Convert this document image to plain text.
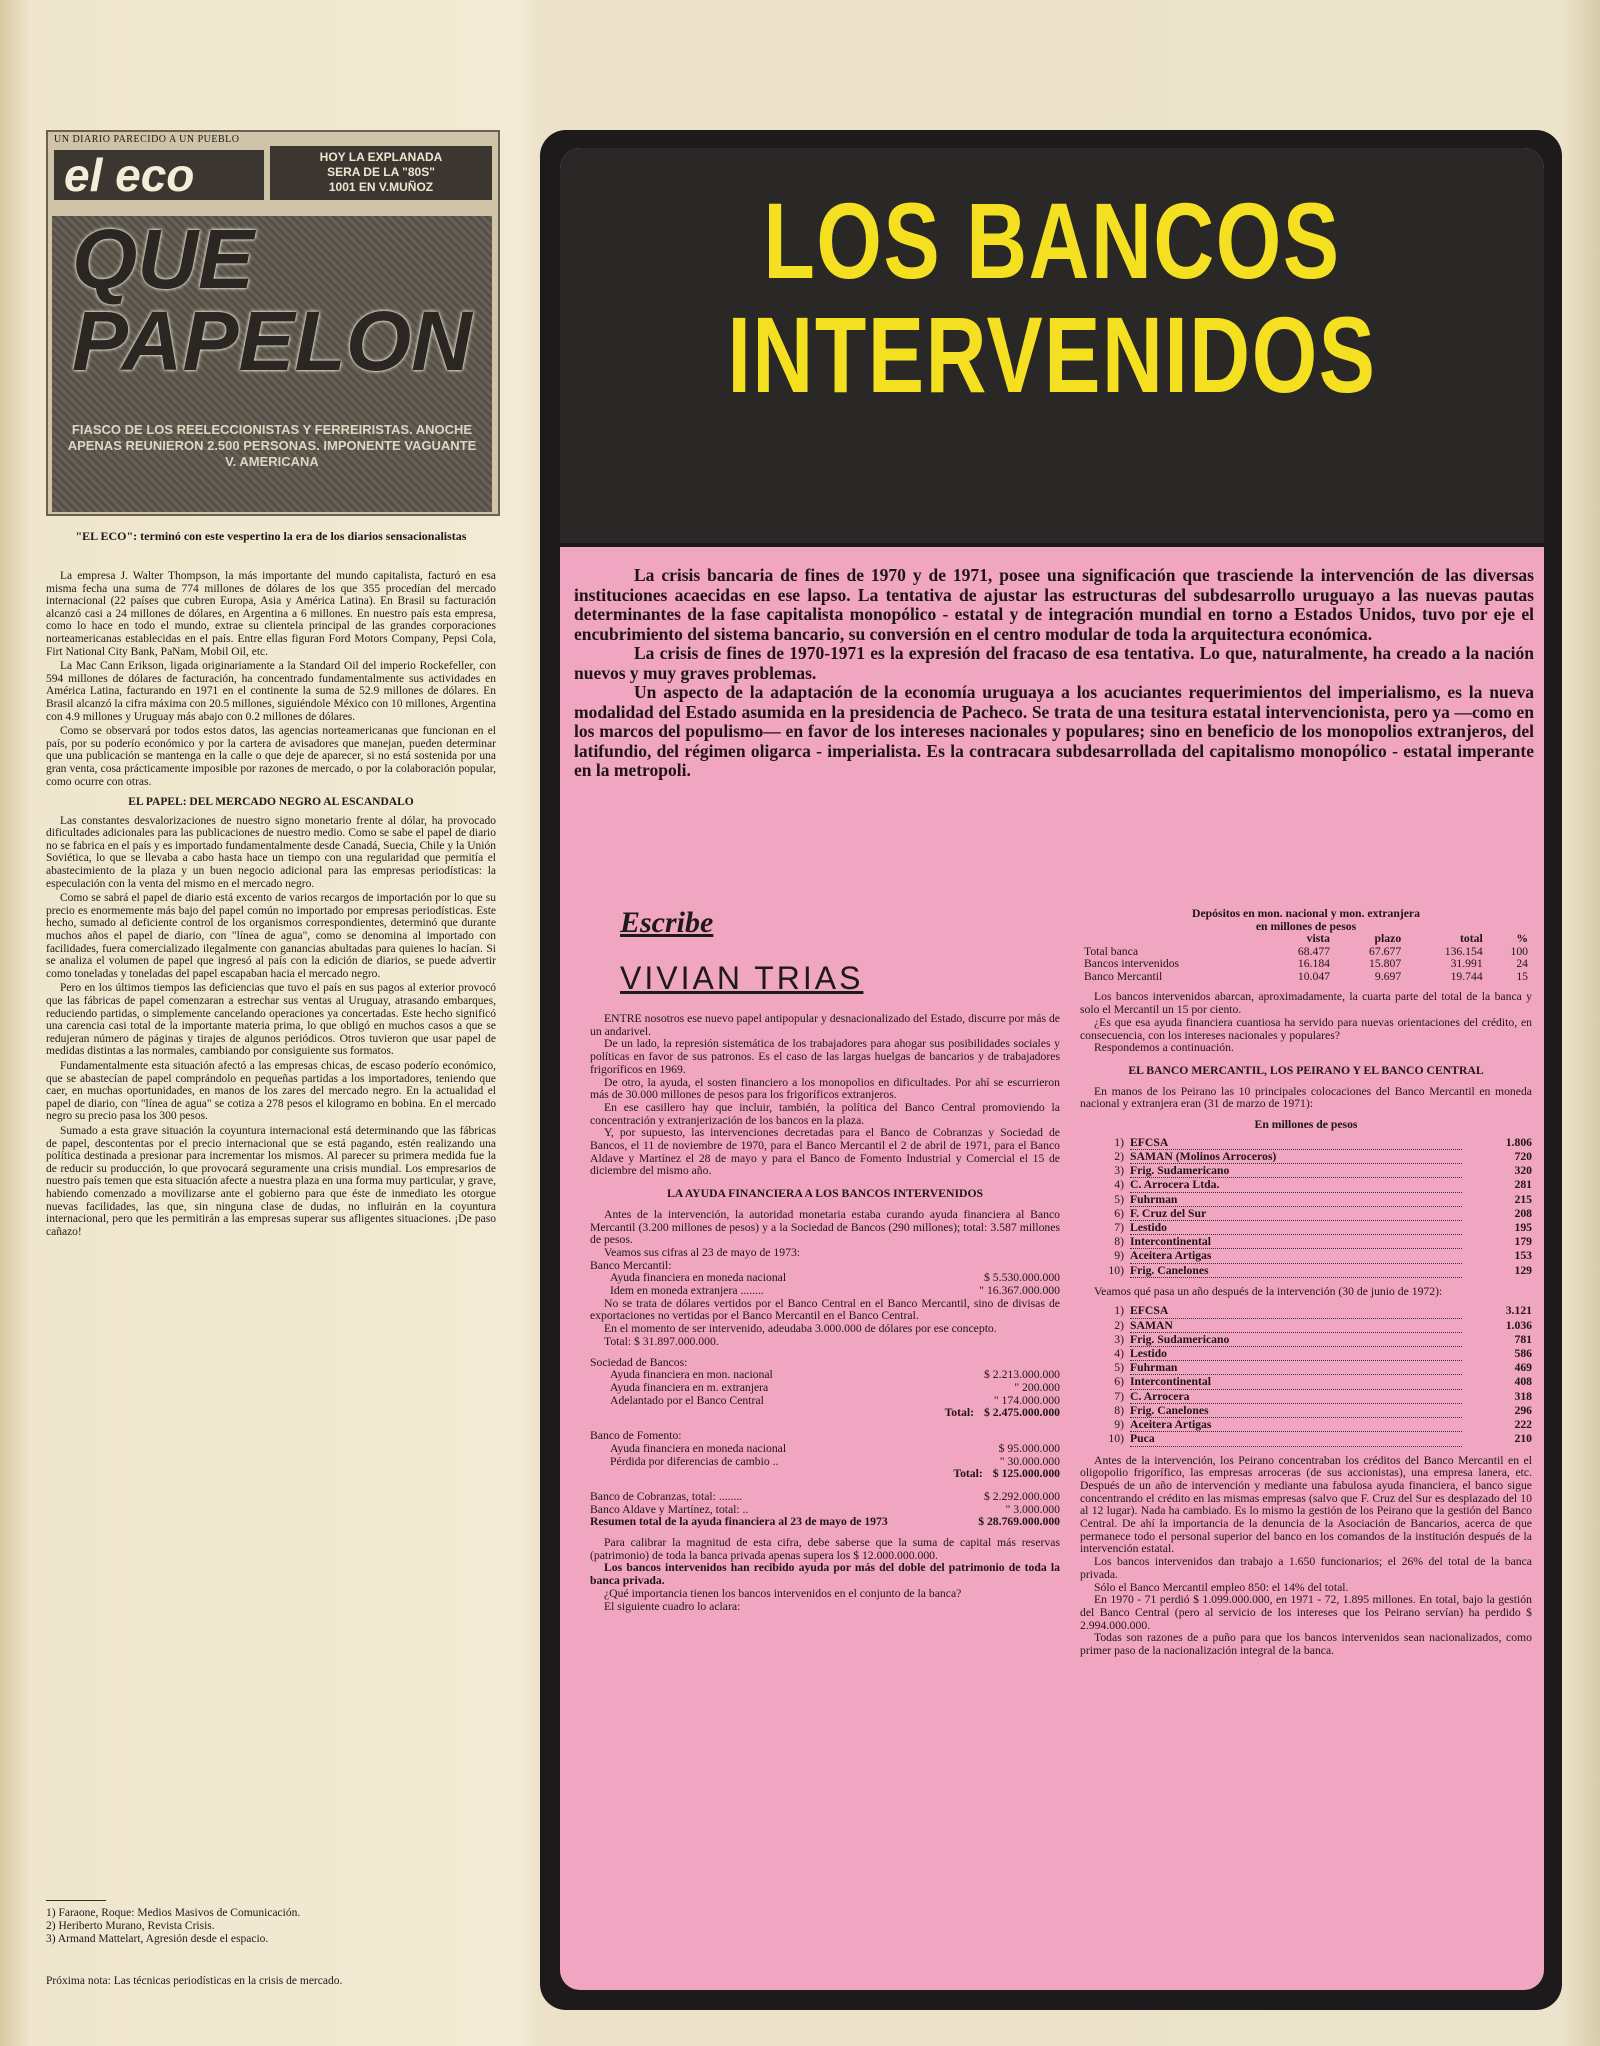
UN DIARIO PARECIDO A UN PUEBLO
el eco	HOY LA EXPLANADA
SERA DE LA "80S"
1001 EN V.MUÑOZ
QUE
PAPELON
FIASCO DE LOS REELECCIONISTAS Y FERREIRISTAS. ANOCHE APENAS REUNIERON 2.500 PERSONAS. IMPONENTE VAGUANTE V. AMERICANA
"EL ECO": terminó con este vespertino la era de los diarios sensacionalistas

La empresa J. Walter Thompson, la más importante del mundo capitalista, facturó en esa misma fecha una suma de 774 millones de dólares de los que 355 procedían del mercado internacional (22 países que cubren Europa, Asia y América Latina). En Brasil su facturación alcanzó casi a 24 millones de dólares, en Argentina a 6 millones. En nuestro país esta empresa, como lo hace en todo el mundo, extrae su clientela principal de las grandes corporaciones norteamericanas establecidas en el país. Entre ellas figuran Ford Motors Company, Pepsi Cola, Firt National City Bank, PaNam, Mobil Oil, etc.

La Mac Cann Erikson, ligada originariamente a la Standard Oil del imperio Rockefeller, con 594 millones de dólares de facturación, ha concentrado fundamentalmente sus actividades en América Latina, facturando en 1971 en el continente la suma de 52.9 millones de dólares. En Brasil alcanzó la cifra máxima con 20.5 millones, siguiéndole México con 10 millones, Argentina con 4.9 millones y Uruguay más abajo con 0.2 millones de dólares.

Como se observará por todos estos datos, las agencias norteamericanas que funcionan en el país, por su poderío económico y por la cartera de avisadores que manejan, pueden determinar que una publicación se mantenga en la calle o que deje de aparecer, si no está sostenida por una gran venta, cosa prácticamente imposible por razones de mercado, o por la colaboración popular, como ocurre con otras.

EL PAPEL: DEL MERCADO NEGRO AL ESCANDALO

Las constantes desvalorizaciones de nuestro signo monetario frente al dólar, ha provocado dificultades adicionales para las publicaciones de nuestro medio. Como se sabe el papel de diario no se fabrica en el país y es importado fundamentalmente desde Canadá, Suecia, Chile y la Unión Soviética, lo que se llevaba a cabo hasta hace un tiempo con una regularidad que permitía el abastecimiento de la plaza y un buen negocio adicional para las empresas periodísticas: la especulación con la venta del mismo en el mercado negro.

Como se sabrá el papel de diario está excento de varios recargos de importación por lo que su precio es enormemente más bajo del papel común no importado por empresas periodísticas. Este hecho, sumado al deficiente control de los organismos correspondientes, determinó que durante muchos años el papel de diario, con "línea de agua", como se denomina al importado con facilidades, fuera comercializado ilegalmente con ganancias abultadas para quienes lo hacían. Si se analiza el volumen de papel que ingresó al país con la edición de diarios, se puede advertir como toneladas y toneladas del papel escapaban hacia el mercado negro.

Pero en los últimos tiempos las deficiencias que tuvo el país en sus pagos al exterior provocó que las fábricas de papel comenzaran a estrechar sus ventas al Uruguay, atrasando embarques, reduciendo partidas, o simplemente cancelando operaciones ya concertadas. Este hecho significó una carencia casi total de la importante materia prima, lo que obligó en muchos casos a que se redujeran número de páginas y tirajes de algunos periódicos. Otros tuvieron que usar papel de medidas distintas a las normales, cambiando por consiguiente sus formatos.

Fundamentalmente esta situación afectó a las empresas chicas, de escaso poderío económico, que se abastecían de papel comprándolo en pequeñas partidas a los importadores, teniendo que caer, en muchas oportunidades, en manos de los zares del mercado negro. En la actualidad el papel de diario, con "línea de agua" se cotiza a 278 pesos el kilogramo en bobina. En el mercado negro su precio pasa los 300 pesos.

Sumado a esta grave situación la coyuntura internacional está determinando que las fábricas de papel, descontentas por el precio internacional que se está pagando, estén realizando una política destinada a presionar para incrementar los mismos. Al parecer su primera medida fue la de reducir su producción, lo que provocará seguramente una crisis mundial. Los empresarios de nuestro país temen que esta situación afecte a nuestra plaza en una forma muy particular, y grave, habiendo comenzado a movilizarse ante el gobierno para que éste de inmediato les otorgue nuevas facilidades, las que, sin ninguna clase de dudas, no influirán en la coyuntura internacional, pero que les permitirán a las empresas superar sus afligentes situaciones. ¡De paso cañazo!

1) Faraone, Roque: Medios Masivos de Comunicación.
2) Heriberto Murano, Revista Crisis.
3) Armand Mattelart, Agresión desde el espacio.
Próxima nota: Las técnicas periodísticas en la crisis de mercado.
LOS BANCOS
INTERVENIDOS

La crisis bancaria de fines de 1970 y de 1971, posee una significación que trasciende la intervención de las diversas instituciones acaecidas en ese lapso. La tentativa de ajustar las estructuras del subdesarrollo uruguayo a las nuevas pautas determinantes de la fase capitalista monopólico - estatal y de integración mundial en torno a Estados Unidos, tuvo por eje el encubrimiento del sistema bancario, su conversión en el centro modular de toda la arquitectura económica.

La crisis de fines de 1970-1971 es la expresión del fracaso de esa tentativa. Lo que, naturalmente, ha creado a la nación nuevos y muy graves problemas.

Un aspecto de la adaptación de la economía uruguaya a los acuciantes requerimientos del imperialismo, es la nueva modalidad del Estado asumida en la presidencia de Pacheco. Se trata de una tesitura estatal intervencionista, pero ya —como en los marcos del populismo— en favor de los intereses nacionales y populares; sino en beneficio de los monopolios extranjeros, del latifundio, del régimen oligarca - imperialista. Es la contracara subdesarrollada del capitalismo monopólico - estatal imperante en la metropoli.

Escribe
VIVIAN TRIAS

ENTRE nosotros ese nuevo papel antipopular y desnacionalizado del Estado, discurre por más de un andarivel.

De un lado, la represión sistemática de los trabajadores para ahogar sus posibilidades sociales y políticas en favor de sus patronos. Es el caso de las largas huelgas de bancarios y de trabajadores frigoríficos en 1969.

De otro, la ayuda, el sosten financiero a los monopolios en dificultades. Por ahí se escurrieron más de 30.000 millones de pesos para los frigoríficos extranjeros.

En ese casillero hay que incluir, también, la política del Banco Central promoviendo la concentración y extranjerización de los bancos en la plaza.

Y, por supuesto, las intervenciones decretadas para el Banco de Cobranzas y Sociedad de Bancos, el 11 de noviembre de 1970, para el Banco Mercantil el 2 de abril de 1971, para el Banco Aldave y Martínez el 28 de mayo y para el Banco de Fomento Industrial y Comercial el 15 de diciembre del mismo año.

LA AYUDA FINANCIERA A LOS BANCOS INTERVENIDOS

Antes de la intervención, la autoridad monetaria estaba curando ayuda financiera al Banco Mercantil (3.200 millones de pesos) y a la Sociedad de Bancos (290 millones); total: 3.587 millones de pesos.

Veamos sus cifras al 23 de mayo de 1973:

Banco Mercantil:
Ayuda financiera en moneda nacional	$ 5.530.000.000
Idem en moneda extranjera ........	" 16.367.000.000

No se trata de dólares vertidos por el Banco Central en el Banco Mercantil, sino de divisas de exportaciones no vertidas por el Banco Mercantil en el Banco Central.

En el momento de ser intervenido, adeudaba 3.000.000 de dólares por ese concepto.

Total: $ 31.897.000.000.

Sociedad de Bancos:
Ayuda financiera en mon. nacional	$ 2.213.000.000
Ayuda financiera en m. extranjera	" 200.000
Adelantado por el Banco Central	" 174.000.000
Total: $ 2.475.000.000
Banco de Fomento:
Ayuda financiera en moneda nacional	$ 95.000.000
Pérdida por diferencias de cambio ..	" 30.000.000
Total: $ 125.000.000
Banco de Cobranzas, total: ........	$ 2.292.000.000
Banco Aldave y Martínez, total: ..	" 3.000.000
Resumen total de la ayuda financiera al 23 de mayo de 1973	$ 28.769.000.000

Para calibrar la magnitud de esta cifra, debe saberse que la suma de capital más reservas (patrimonio) de toda la banca privada apenas supera los $ 12.000.000.000.

Los bancos intervenidos han recibido ayuda por más del doble del patrimonio de toda la banca privada.

¿Qué importancia tienen los bancos intervenidos en el conjunto de la banca?

El siguiente cuadro lo aclara:

Depósitos en mon. nacional y mon. extranjera
en millones de pesos
	vista	plazo	total	%
Total banca	68.477	67.677	136.154	100
Bancos intervenidos	16.184	15.807	31.991	24
Banco Mercantil	10.047	9.697	19.744	15

Los bancos intervenidos abarcan, aproximadamente, la cuarta parte del total de la banca y solo el Mercantil un 15 por ciento.

¿Es que esa ayuda financiera cuantiosa ha servido para nuevas orientaciones del crédito, en consecuencia, con los intereses nacionales y populares?

Respondemos a continuación.

EL BANCO MERCANTIL, LOS PEIRANO Y EL BANCO CENTRAL

En manos de los Peirano las 10 principales colocaciones del Banco Mercantil en moneda nacional y extranjera eran (31 de marzo de 1971):

En millones de pesos
1) EFCSA	1.806
2) SAMAN (Molinos Arroceros)	720
3) Frig. Sudamericano	320
4) C. Arrocera Ltda.	281
5) Fuhrman	215
6) F. Cruz del Sur	208
7) Lestido	195
8) Intercontinental	179
9) Aceitera Artigas	153
10) Frig. Canelones	129

Veamos qué pasa un año después de la intervención (30 de junio de 1972):

1) EFCSA	3.121
2) SAMAN	1.036
3) Frig. Sudamericano	781
4) Lestido	586
5) Fuhrman	469
6) Intercontinental	408
7) C. Arrocera	318
8) Frig. Canelones	296
9) Aceitera Artigas	222
10) Puca	210

Antes de la intervención, los Peirano concentraban los créditos del Banco Mercantil en el oligopolio frigorífico, las empresas arroceras (de sus accionistas), una empresa lanera, etc. Después de un año de intervención y mediante una fabulosa ayuda financiera, el banco sigue concentrando el crédito en las mismas empresas (salvo que F. Cruz del Sur es desplazado del 10 al 12 lugar). Nada ha cambiado. Es lo mismo la gestión de los Peirano que la gestión del Banco Central. De ahí la importancia de la denuncia de la Asociación de Bancarios, acerca de que permanece todo el personal superior del banco en los comandos de la institución después de la intervención estatal.

Los bancos intervenidos dan trabajo a 1.650 funcionarios; el 26% del total de la banca privada.

Sólo el Banco Mercantil empleo 850: el 14% del total.

En 1970 - 71 perdió $ 1.099.000.000, en 1971 - 72, 1.895 millones. En total, bajo la gestión del Banco Central (pero al servicio de los intereses que los Peirano servían) ha perdido $ 2.994.000.000.

Todas son razones de a puño para que los bancos intervenidos sean nacionalizados, como primer paso de la nacionalización integral de la banca.
